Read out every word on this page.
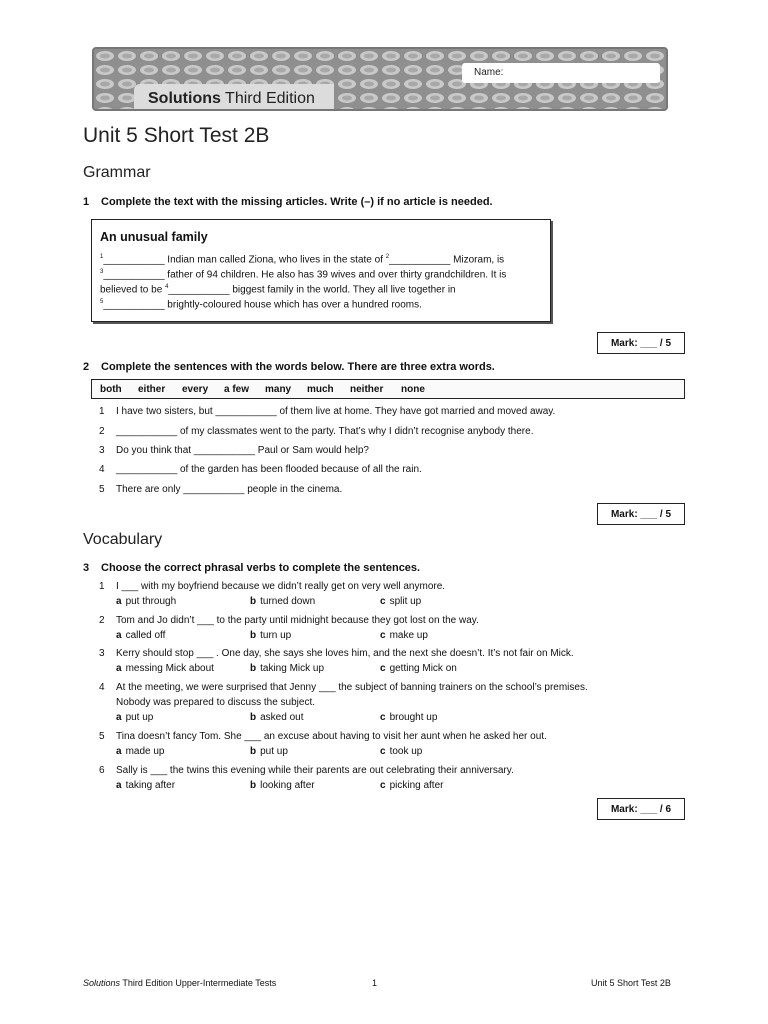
Solutions Third Edition
Name:
Unit 5 Short Test 2B
Grammar
1 Complete the text with the missing articles. Write (–) if no article is needed.
An unusual family
$^1$___________ Indian man called Ziona, who lives in the state of $^2$___________ Mizoram, is
$^3$___________ father of 94 children. He also has 39 wives and over thirty grandchildren. It is
believed to be $^4$___________ biggest family in the world. They all live together in
$^5$___________ brightly-coloured house which has over a hundred rooms.
Mark: ___ / 5
2 Complete the sentences with the words below. There are three extra words.
both either every a few many much neither none
1 I have two sisters, but ___________ of them live at home. They have got married and moved away.
2 ___________ of my classmates went to the party. That’s why I didn’t recognise anybody there.
3 Do you think that ___________ Paul or Sam would help?
4 ___________ of the garden has been flooded because of all the rain.
5 There are only ___________ people in the cinema.
Mark: ___ / 5
Vocabulary
3 Choose the correct phrasal verbs to complete the sentences.
1 I ___ with my boyfriend because we didn’t really get on very well anymore.
a put through	b turned down	c split up
2 Tom and Jo didn’t ___ to the party until midnight because they got lost on the way.
a called off	b turn up	c make up
3 Kerry should stop ___ . One day, she says she loves him, and the next she doesn’t. It’s not fair on Mick.
a messing Mick about	b taking Mick up	c getting Mick on
4 At the meeting, we were surprised that Jenny ___ the subject of banning trainers on the school’s premises.
Nobody was prepared to discuss the subject.
a put up	b asked out	c brought up
5 Tina doesn’t fancy Tom. She ___ an excuse about having to visit her aunt when he asked her out.
a made up	b put up	c took up
6 Sally is ___ the twins this evening while their parents are out celebrating their anniversary.
a taking after	b looking after	c picking after
Mark: ___ / 6
Solutions Third Edition Upper-Intermediate Tests	1	Unit 5 Short Test 2B
